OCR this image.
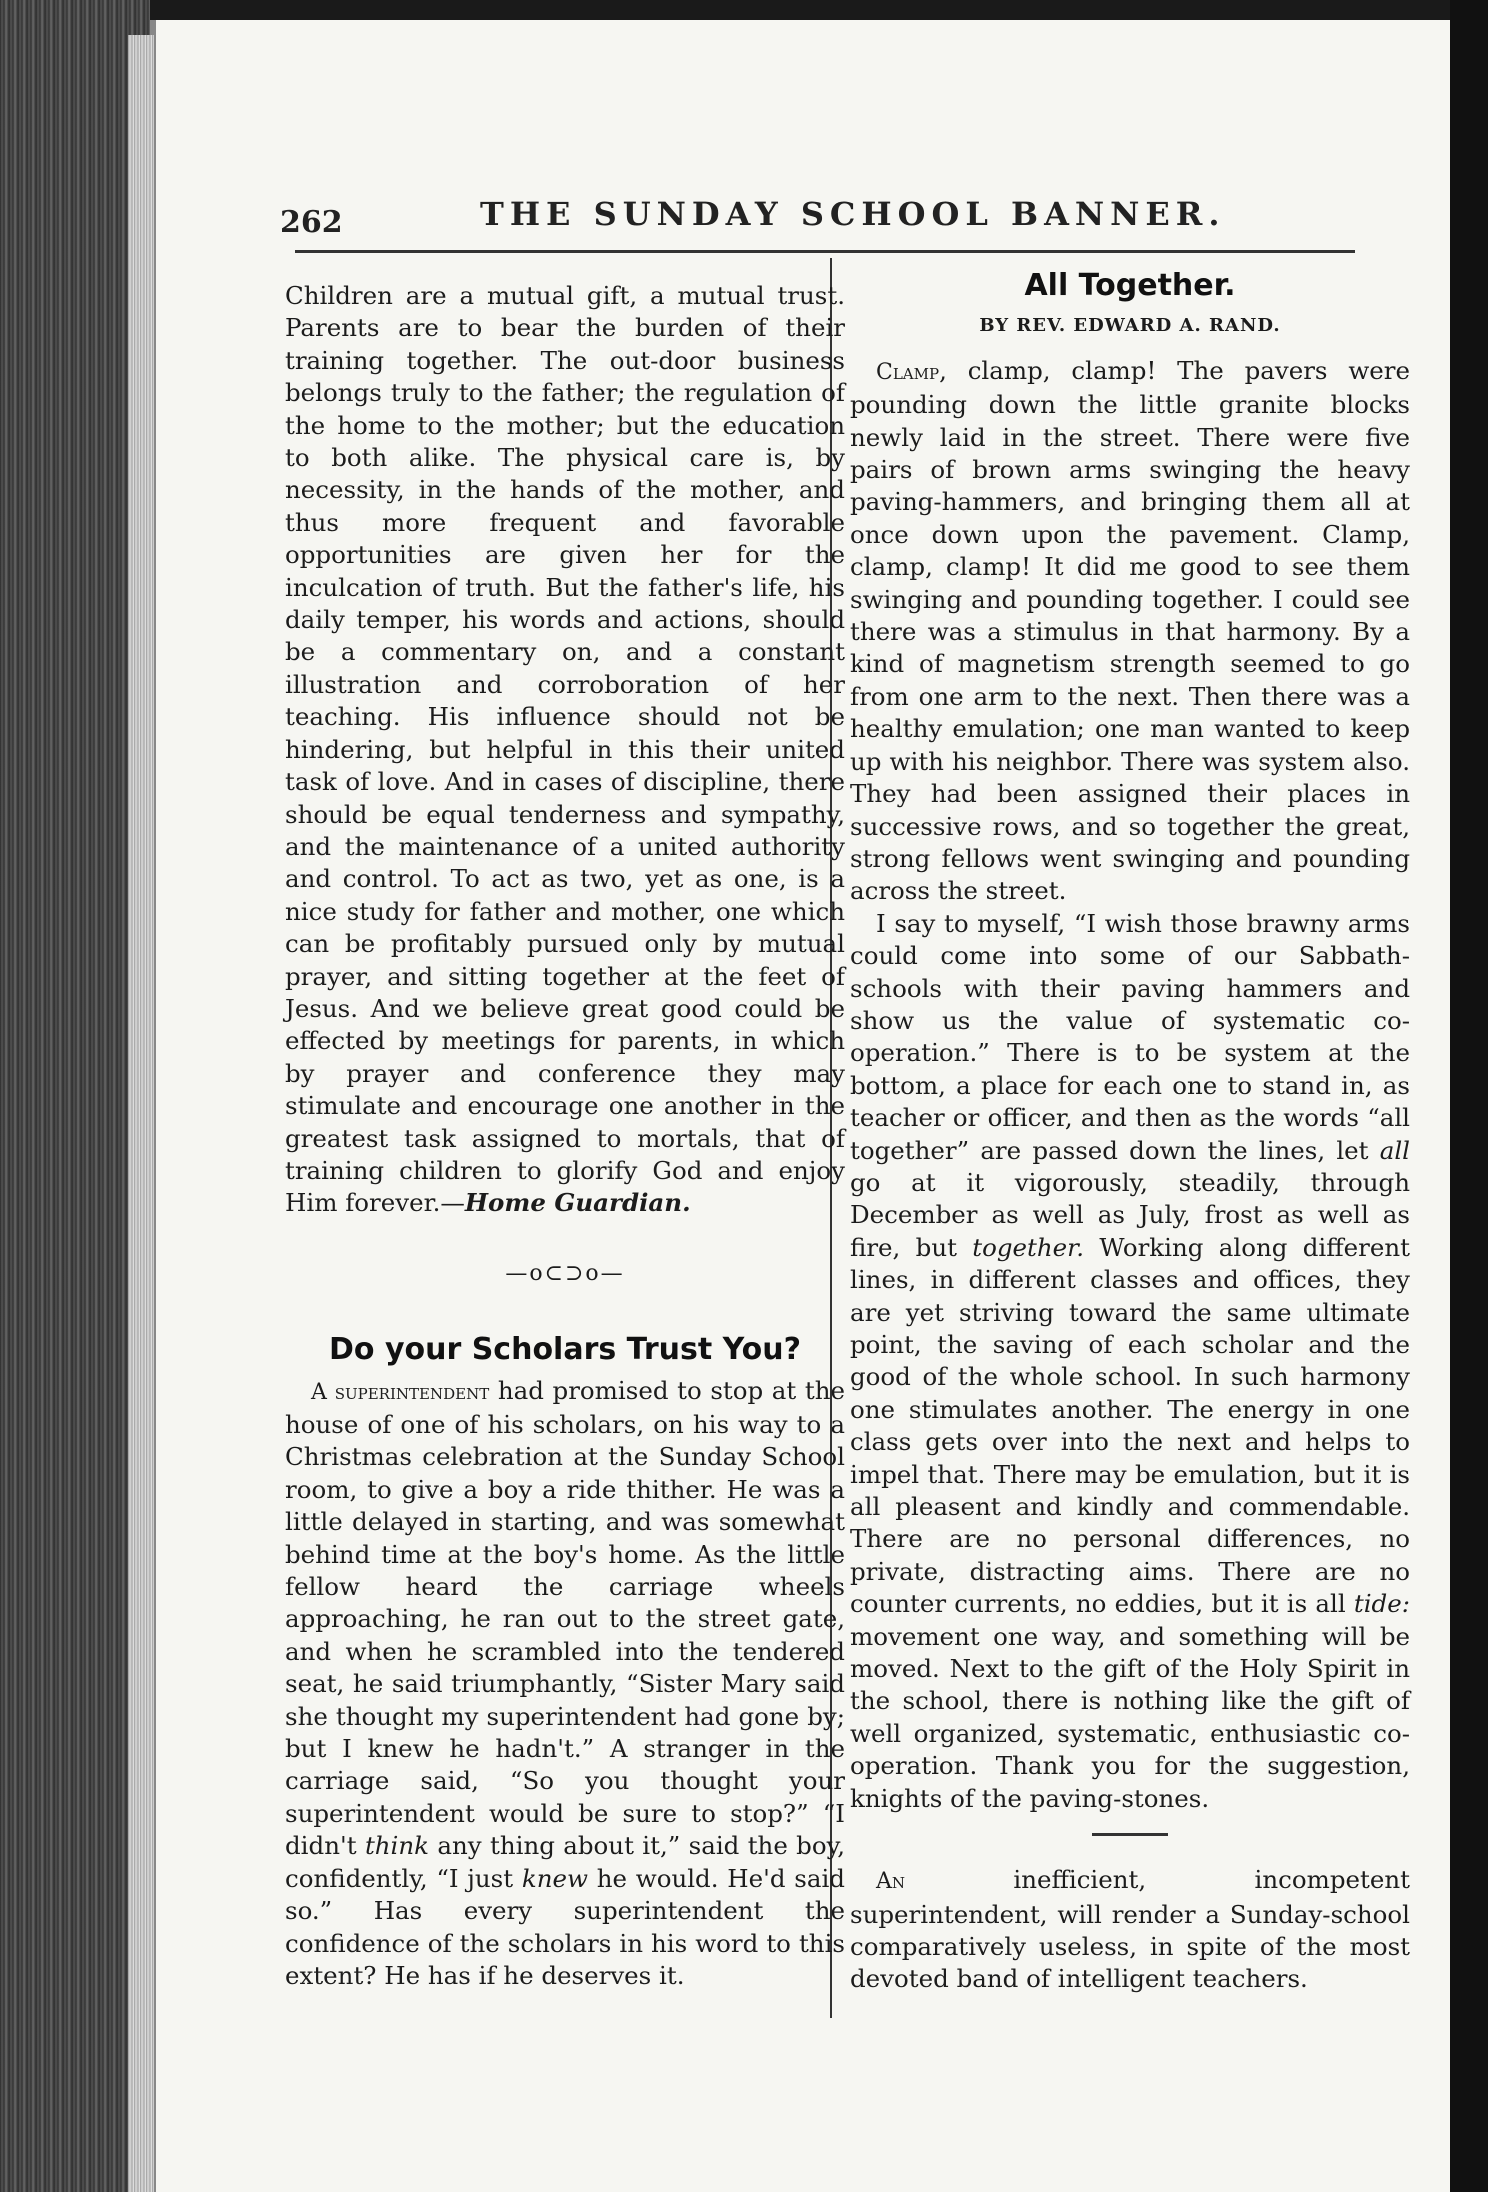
262	THE SUNDAY SCHOOL BANNER.

Children are a mutual gift, a mutual trust. Parents are to bear the burden of their training together. The out-door business belongs truly to the father; the regulation of the home to the mother; but the education to both alike. The physical care is, by necessity, in the hands of the mother, and thus more frequent and favorable opportunities are given her for the inculcation of truth. But the father's life, his daily temper, his words and actions, should be a commentary on, and a constant illustration and corroboration of her teaching. His influence should not be hindering, but helpful in this their united task of love. And in cases of discipline, there should be equal tenderness and sympathy, and the maintenance of a united authority and control. To act as two, yet as one, is a nice study for father and mother, one which can be profitably pursued only by mutual prayer, and sitting together at the feet of Jesus. And we believe great good could be effected by meetings for parents, in which by prayer and conference they may stimulate and encourage one another in the greatest task assigned to mortals, that of training children to glorify God and enjoy Him forever.—Home Guardian.

—o⊂⊃o—
Do your Scholars Trust You?

A superintendent had promised to stop at the house of one of his scholars, on his way to a Christmas celebration at the Sunday School room, to give a boy a ride thither. He was a little delayed in starting, and was somewhat behind time at the boy's home. As the little fellow heard the carriage wheels approaching, he ran out to the street gate, and when he scrambled into the tendered seat, he said triumphantly, “Sister Mary said she thought my superintendent had gone by; but I knew he hadn't.” A stranger in the carriage said, “So you thought your superintendent would be sure to stop?” “I didn't think any thing about it,” said the boy, confidently, “I just knew he would. He'd said so.” Has every superintendent the confidence of the scholars in his word to this extent? He has if he deserves it.

All Together.
BY REV. EDWARD A. RAND.

Clamp, clamp, clamp! The pavers were pounding down the little granite blocks newly laid in the street. There were five pairs of brown arms swinging the heavy paving-hammers, and bringing them all at once down upon the pavement. Clamp, clamp, clamp! It did me good to see them swinging and pounding together. I could see there was a stimulus in that harmony. By a kind of magnetism strength seemed to go from one arm to the next. Then there was a healthy emulation; one man wanted to keep up with his neighbor. There was system also. They had been assigned their places in successive rows, and so together the great, strong fellows went swinging and pounding across the street.

I say to myself, “I wish those brawny arms could come into some of our Sabbath-schools with their paving hammers and show us the value of systematic co-operation.” There is to be system at the bottom, a place for each one to stand in, as teacher or officer, and then as the words “all together” are passed down the lines, let all go at it vigorously, steadily, through December as well as July, frost as well as fire, but together. Working along different lines, in different classes and offices, they are yet striving toward the same ultimate point, the saving of each scholar and the good of the whole school. In such harmony one stimulates another. The energy in one class gets over into the next and helps to impel that. There may be emulation, but it is all pleasent and kindly and commendable. There are no personal differences, no private, distracting aims. There are no counter currents, no eddies, but it is all tide: movement one way, and something will be moved. Next to the gift of the Holy Spirit in the school, there is nothing like the gift of well organized, systematic, enthusiastic co-operation. Thank you for the suggestion, knights of the paving-stones.

An inefficient, incompetent superintendent, will render a Sunday-school comparatively useless, in spite of the most devoted band of intelligent teachers.
